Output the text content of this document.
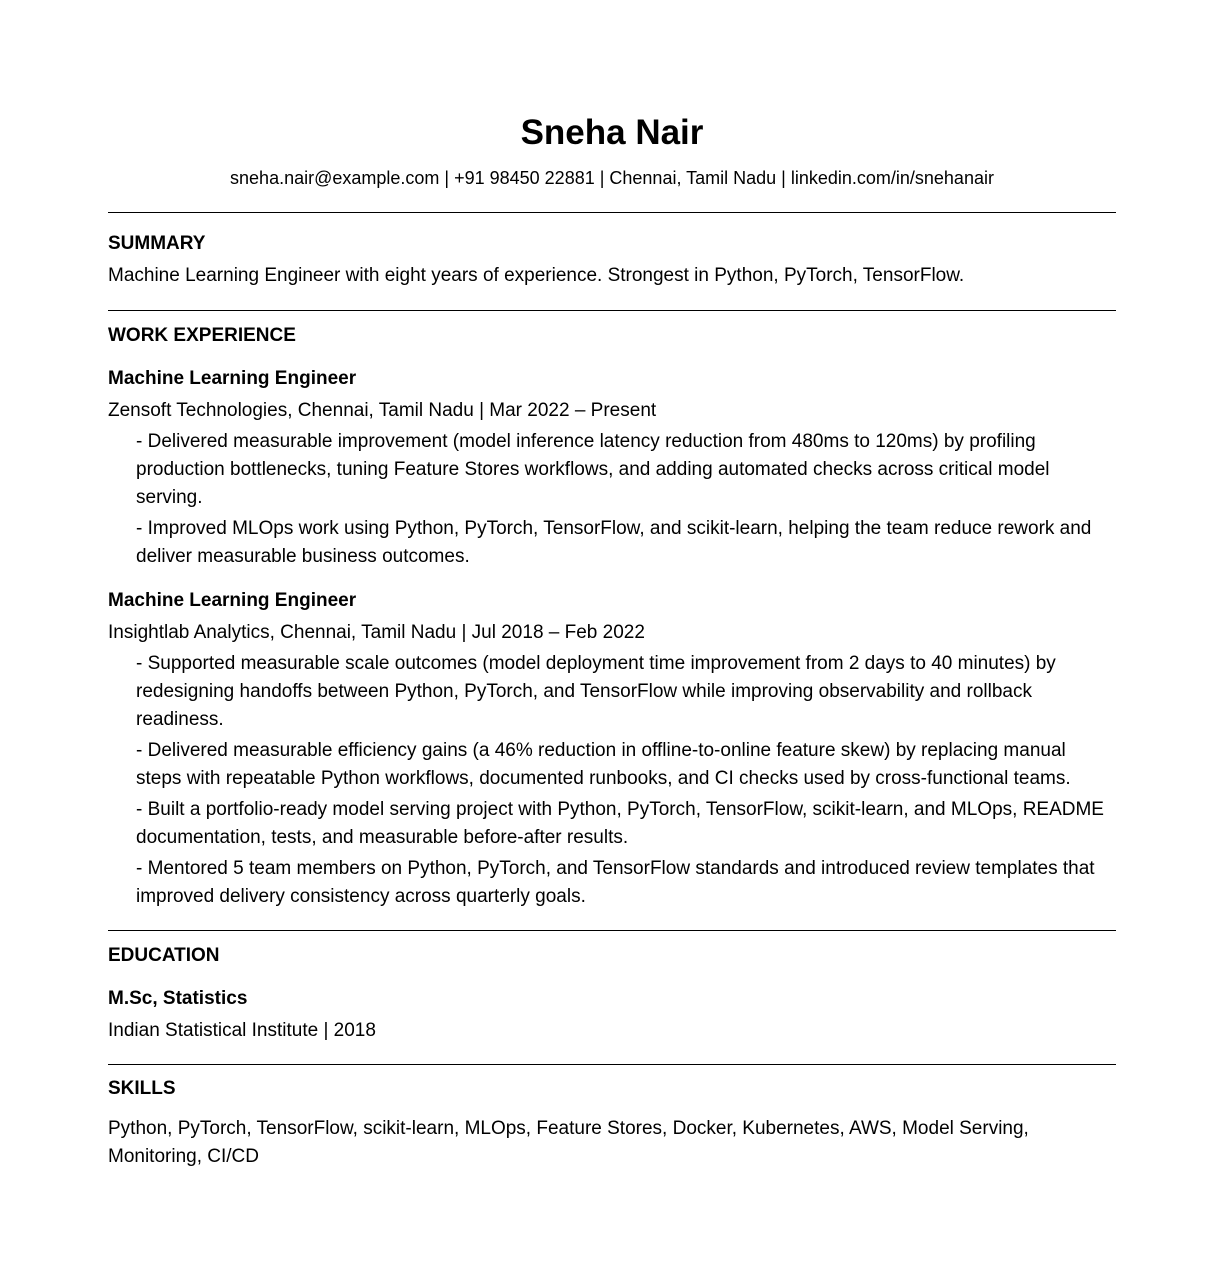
Sneha Nair
sneha.nair@example.com | +91 98450 22881 | Chennai, Tamil Nadu | linkedin.com/in/snehanair
SUMMARY
Machine Learning Engineer with eight years of experience. Strongest in Python, PyTorch, TensorFlow.
WORK EXPERIENCE
Machine Learning Engineer
Zensoft Technologies, Chennai, Tamil Nadu | Mar 2022 – Present
- Delivered measurable improvement (model inference latency reduction from 480ms to 120ms) by profiling production bottlenecks, tuning Feature Stores workflows, and adding automated checks across critical model serving.
- Improved MLOps work using Python, PyTorch, TensorFlow, and scikit-learn, helping the team reduce rework and deliver measurable business outcomes.
Machine Learning Engineer
Insightlab Analytics, Chennai, Tamil Nadu | Jul 2018 – Feb 2022
- Supported measurable scale outcomes (model deployment time improvement from 2 days to 40 minutes) by redesigning handoffs between Python, PyTorch, and TensorFlow while improving observability and rollback readiness.
- Delivered measurable efficiency gains (a 46% reduction in offline-to-online feature skew) by replacing manual steps with repeatable Python workflows, documented runbooks, and CI checks used by cross-functional teams.
- Built a portfolio-ready model serving project with Python, PyTorch, TensorFlow, scikit-learn, and MLOps, README documentation, tests, and measurable before-after results.
- Mentored 5 team members on Python, PyTorch, and TensorFlow standards and introduced review templates that improved delivery consistency across quarterly goals.
EDUCATION
M.Sc, Statistics
Indian Statistical Institute | 2018
SKILLS
Python, PyTorch, TensorFlow, scikit-learn, MLOps, Feature Stores, Docker, Kubernetes, AWS, Model Serving, Monitoring, CI/CD
